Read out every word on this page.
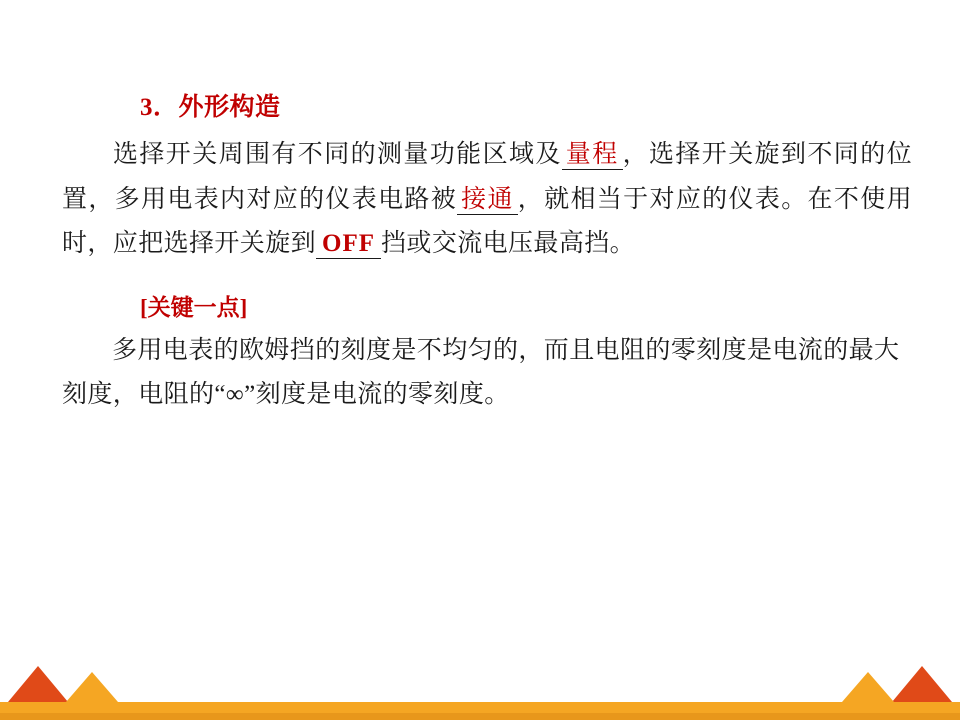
3．外形构造

选择开关周围有不同的测量功能区域及 量程 ，选择开关旋到不同的位置，多用电表内对应的仪表电路被 接通 ，就相当于对应的仪表。在不使用时，应把选择开关旋到 OFF 挡或交流电压最高挡。

[关键一点]

多用电表的欧姆挡的刻度是不均匀的，而且电阻的零刻度是电流的最大刻度，电阻的“∞”刻度是电流的零刻度。
